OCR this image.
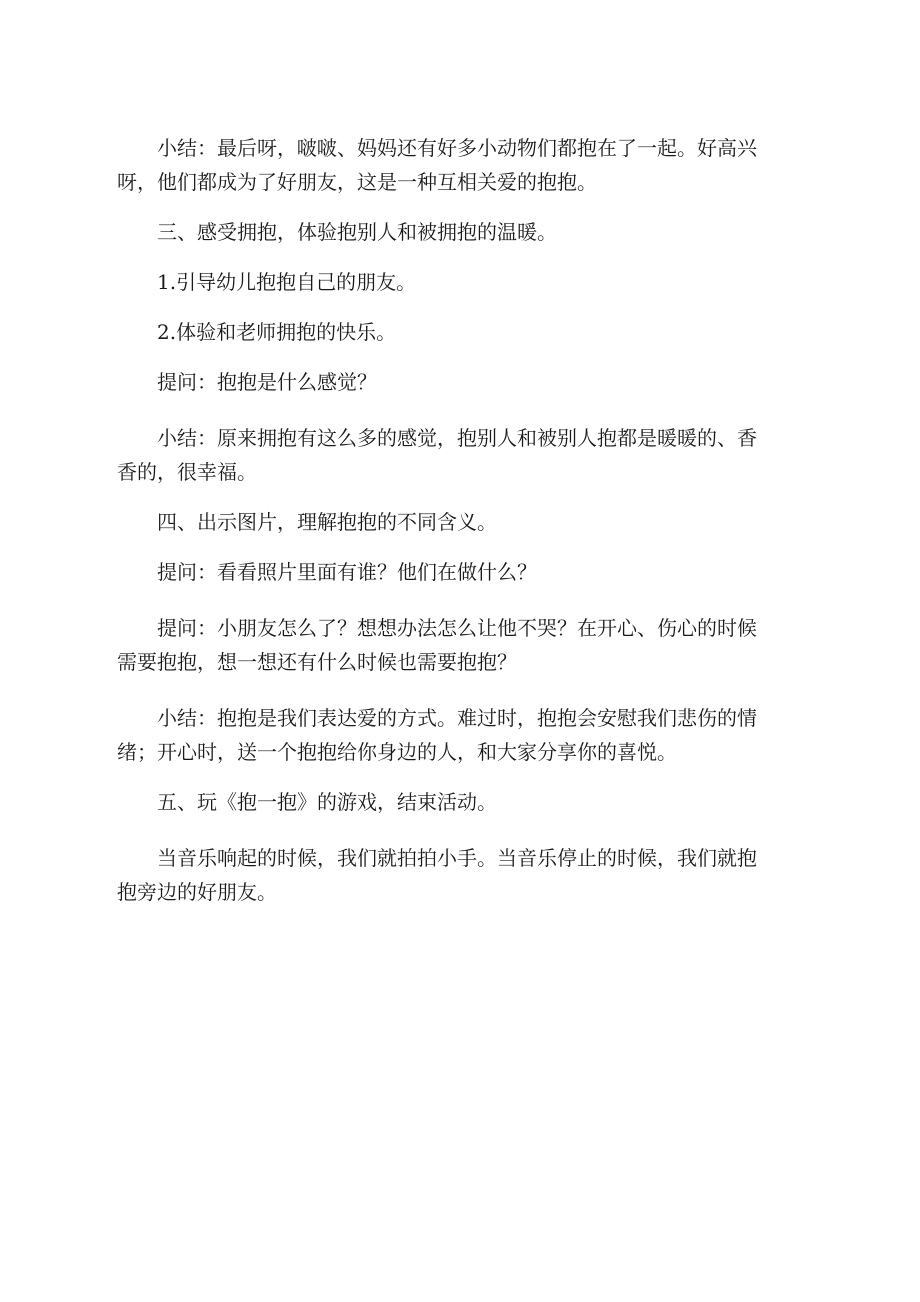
小结：最后呀，啵啵、妈妈还有好多小动物们都抱在了一起。好高兴呀，他们都成为了好朋友，这是一种互相关爱的抱抱。

三、感受拥抱，体验抱别人和被拥抱的温暖。

1.引导幼儿抱抱自己的朋友。

2.体验和老师拥抱的快乐。

提问：抱抱是什么感觉？

小结：原来拥抱有这么多的感觉，抱别人和被别人抱都是暖暖的、香香的，很幸福。

四、出示图片，理解抱抱的不同含义。

提问：看看照片里面有谁？他们在做什么？

提问：小朋友怎么了？想想办法怎么让他不哭？在开心、伤心的时候需要抱抱，想一想还有什么时候也需要抱抱？

小结：抱抱是我们表达爱的方式。难过时，抱抱会安慰我们悲伤的情绪；开心时，送一个抱抱给你身边的人，和大家分享你的喜悦。

五、玩《抱一抱》的游戏，结束活动。

当音乐响起的时候，我们就拍拍小手。当音乐停止的时候，我们就抱抱旁边的好朋友。
